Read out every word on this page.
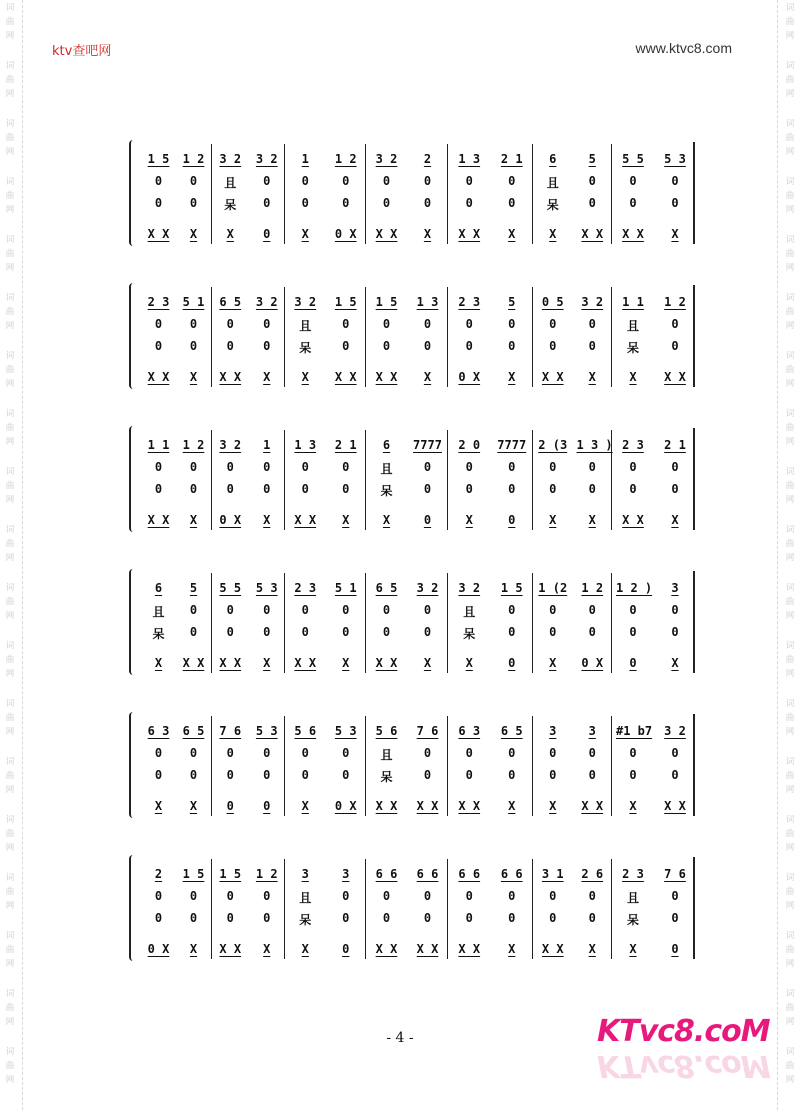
词
曲
网
词
曲
网
词
曲
网
词
曲
网
词
曲
网
词
曲
网
词
曲
网
词
曲
网
词
曲
网
词
曲
网
词
曲
网
词
曲
网
词
曲
网
词
曲
网
词
曲
网
词
曲
网
词
曲
网
词
曲
网
词
曲
网
词
曲
网
词
曲
网
词
曲
网
词
曲
网
词
曲
网
词
曲
网
词
曲
网
词
曲
网
词
曲
网
词
曲
网
词
曲
网
词
曲
网
词
曲
网
词
曲
网
词
曲
网
词
曲
网
词
曲
网
词
曲
网
词
曲
网
ktv查吧网	www.ktvc8.com
1 5
0
0
X X
1 2
0
0
X
3 2
且
呆
X
3 2
0
0
0
1
0
0
X
1 2
0
0
0 X
3 2
0
0
X X
2
0
0
X
1 3
0
0
X X
2 1
0
0
X
6
且
呆
X
5
0
0
X X
5 5
0
0
X X
5 3
0
0
X
2 3
0
0
X X
5 1
0
0
X
6 5
0
0
X X
3 2
0
0
X
3 2
且
呆
X
1 5
0
0
X X
1 5
0
0
X X
1 3
0
0
X
2 3
0
0
0 X
5
0
0
X
0 5
0
0
X X
3 2
0
0
X
1 1
且
呆
X
1 2
0
0
X X
1 1
0
0
X X
1 2
0
0
X
3 2
0
0
0 X
1
0
0
X
1 3
0
0
X X
2 1
0
0
X
6
且
呆
X
7777
0
0
0
2 0
0
0
X
7777
0
0
0
2 (3
0
0
X
1 3 )
0
0
X
2 3
0
0
X X
2 1
0
0
X
6
且
呆
X
5
0
0
X X
5 5
0
0
X X
5 3
0
0
X
2 3
0
0
X X
5 1
0
0
X
6 5
0
0
X X
3 2
0
0
X
3 2
且
呆
X
1 5
0
0
0
1 (2
0
0
X
1 2
0
0
0 X
1 2 )
0
0
0
3
0
0
X
6 3
0
0
X
6 5
0
0
X
7 6
0
0
0
5 3
0
0
0
5 6
0
0
X
5 3
0
0
0 X
5 6
且
呆
X X
7 6
0
0
X X
6 3
0
0
X X
6 5
0
0
X
3
0
0
X
3
0
0
X X
#1 b7
0
0
X
3 2
0
0
X X
2
0
0
0 X
1 5
0
0
X
1 5
0
0
X X
1 2
0
0
X
3
且
呆
X
3
0
0
0
6 6
0
0
X X
6 6
0
0
X X
6 6
0
0
X X
6 6
0
0
X
3 1
0
0
X X
2 6
0
0
X
2 3
且
呆
X
7 6
0
0
0
- 4 -	KTvc8.coM
KTvc8.coM
